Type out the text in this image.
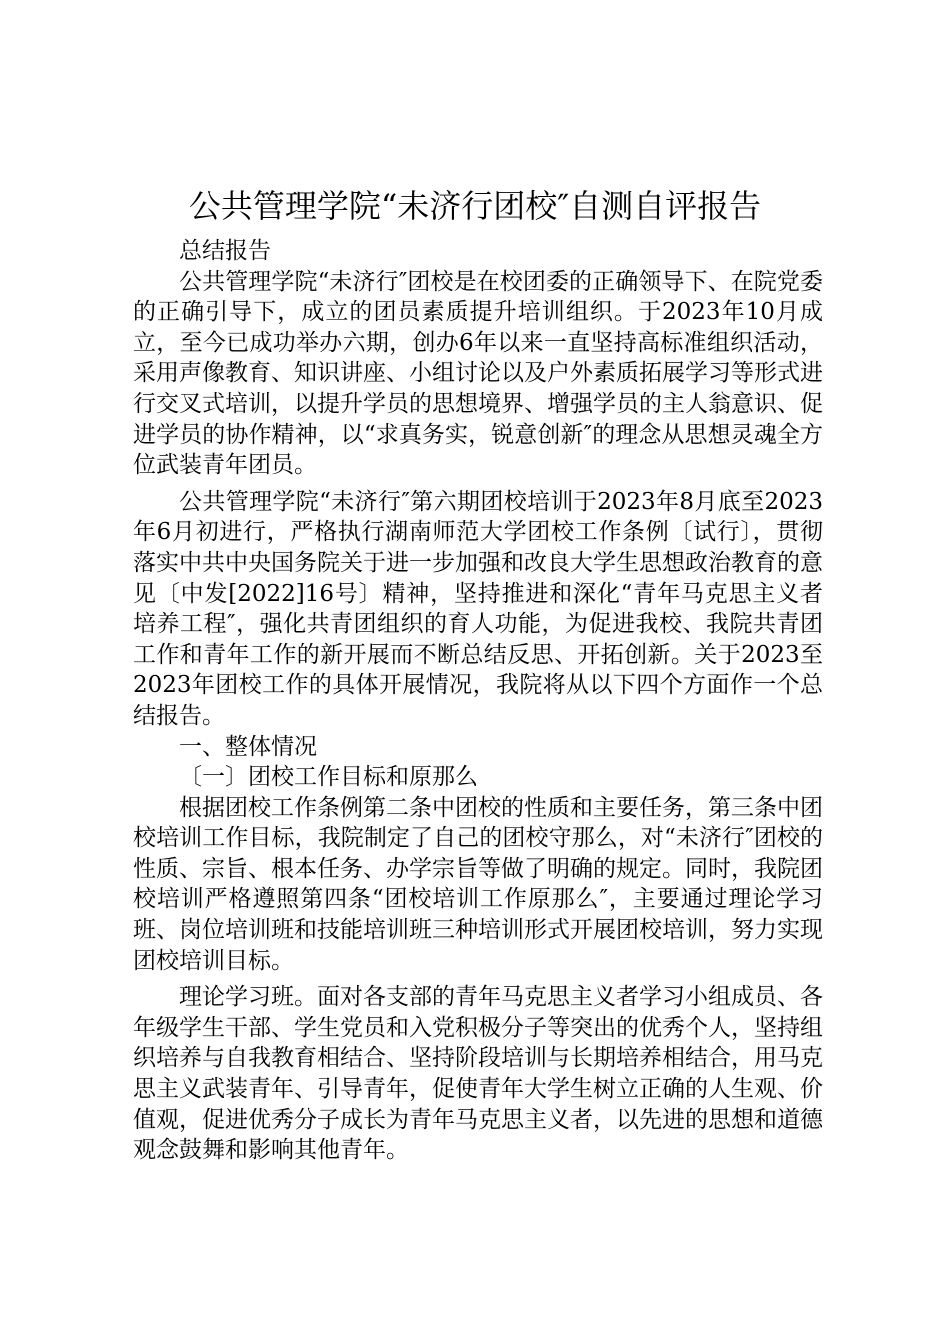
公共管理学院“未济行团校″自测自评报告

总结报告

公共管理学院“未济行″团校是在校团委的正确领导下、在院党委的正确引导下，成立的团员素质提升培训组织。于2023年10月成立，至今已成功举办六期，创办6年以来一直坚持高标准组织活动，采用声像教育、知识讲座、小组讨论以及户外素质拓展学习等形式进行交叉式培训，以提升学员的思想境界、增强学员的主人翁意识、促进学员的协作精神，以“求真务实，锐意创新″的理念从思想灵魂全方位武装青年团员。

公共管理学院“未济行″第六期团校培训于2023年8月底至2023年6月初进行，严格执行湖南师范大学团校工作条例〔试行〕，贯彻落实中共中央国务院关于进一步加强和改良大学生思想政治教育的意见〔中发[2022]16号〕精神，坚持推进和深化“青年马克思主义者培养工程″，强化共青团组织的育人功能，为促进我校、我院共青团工作和青年工作的新开展而不断总结反思、开拓创新。关于2023至2023年团校工作的具体开展情况，我院将从以下四个方面作一个总结报告。

一、整体情况

〔一〕团校工作目标和原那么

根据团校工作条例第二条中团校的性质和主要任务，第三条中团校培训工作目标，我院制定了自己的团校守那么，对“未济行″团校的性质、宗旨、根本任务、办学宗旨等做了明确的规定。同时，我院团校培训严格遵照第四条“团校培训工作原那么″，主要通过理论学习班、岗位培训班和技能培训班三种培训形式开展团校培训，努力实现团校培训目标。

理论学习班。面对各支部的青年马克思主义者学习小组成员、各年级学生干部、学生党员和入党积极分子等突出的优秀个人，坚持组织培养与自我教育相结合、坚持阶段培训与长期培养相结合，用马克思主义武装青年、引导青年，促使青年大学生树立正确的人生观、价值观，促进优秀分子成长为青年马克思主义者，以先进的思想和道德观念鼓舞和影响其他青年。
